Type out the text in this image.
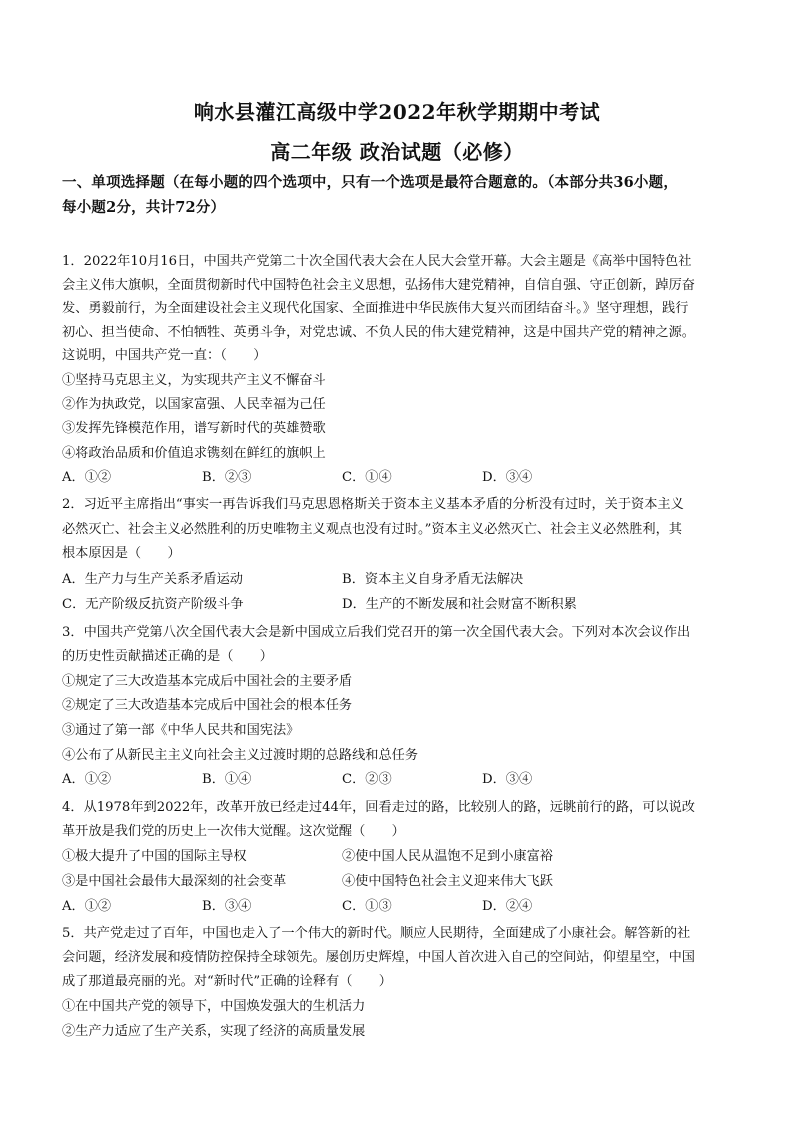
响水县灌江高级中学2022年秋学期期中考试
高二年级 政治试题（必修）
一、单项选择题（在每小题的四个选项中，只有一个选项是最符合题意的。（本部分共36小题，
每小题2分，共计72分）
1．2022年10月16日，中国共产党第二十次全国代表大会在人民大会堂开幕。大会主题是《高举中国特色社
会主义伟大旗帜，全面贯彻新时代中国特色社会主义思想，弘扬伟大建党精神，自信自强、守正创新，踔厉奋
发、勇毅前行，为全面建设社会主义现代化国家、全面推进中华民族伟大复兴而团结奋斗。》坚守理想，践行
初心、担当使命、不怕牺牲、英勇斗争，对党忠诚、不负人民的伟大建党精神，这是中国共产党的精神之源。
这说明，中国共产党一直：（　　）
①坚持马克思主义，为实现共产主义不懈奋斗
②作为执政党，以国家富强、人民幸福为己任
③发挥先锋模范作用，谱写新时代的英雄赞歌
④将政治品质和价值追求镌刻在鲜红的旗帜上
A．①②	B．②③	C．①④	D．③④
2．习近平主席指出“事实一再告诉我们马克思恩格斯关于资本主义基本矛盾的分析没有过时，关于资本主义
必然灭亡、社会主义必然胜利的历史唯物主义观点也没有过时。”资本主义必然灭亡、社会主义必然胜利，其
根本原因是（　　）
A．生产力与生产关系矛盾运动	B．资本主义自身矛盾无法解决
C．无产阶级反抗资产阶级斗争	D．生产的不断发展和社会财富不断积累
3．中国共产党第八次全国代表大会是新中国成立后我们党召开的第一次全国代表大会。下列对本次会议作出
的历史性贡献描述正确的是（　　）
①规定了三大改造基本完成后中国社会的主要矛盾
②规定了三大改造基本完成后中国社会的根本任务
③通过了第一部《中华人民共和国宪法》
④公布了从新民主主义向社会主义过渡时期的总路线和总任务
A．①②	B．①④	C．②③	D．③④
4．从1978年到2022年，改革开放已经走过44年，回看走过的路，比较别人的路，远眺前行的路，可以说改
革开放是我们党的历史上一次伟大觉醒。这次觉醒（　　）
①极大提升了中国的国际主导权	②使中国人民从温饱不足到小康富裕
③是中国社会最伟大最深刻的社会变革	④使中国特色社会主义迎来伟大飞跃
A．①②	B．③④	C．①③	D．②④
5．共产党走过了百年，中国也走入了一个伟大的新时代。顺应人民期待，全面建成了小康社会。解答新的社
会问题，经济发展和疫情防控保持全球领先。屡创历史辉煌，中国人首次进入自己的空间站，仰望星空，中国
成了那道最亮丽的光。对“新时代”正确的诠释有（　　）
①在中国共产党的领导下，中国焕发强大的生机活力
②生产力适应了生产关系，实现了经济的高质量发展
